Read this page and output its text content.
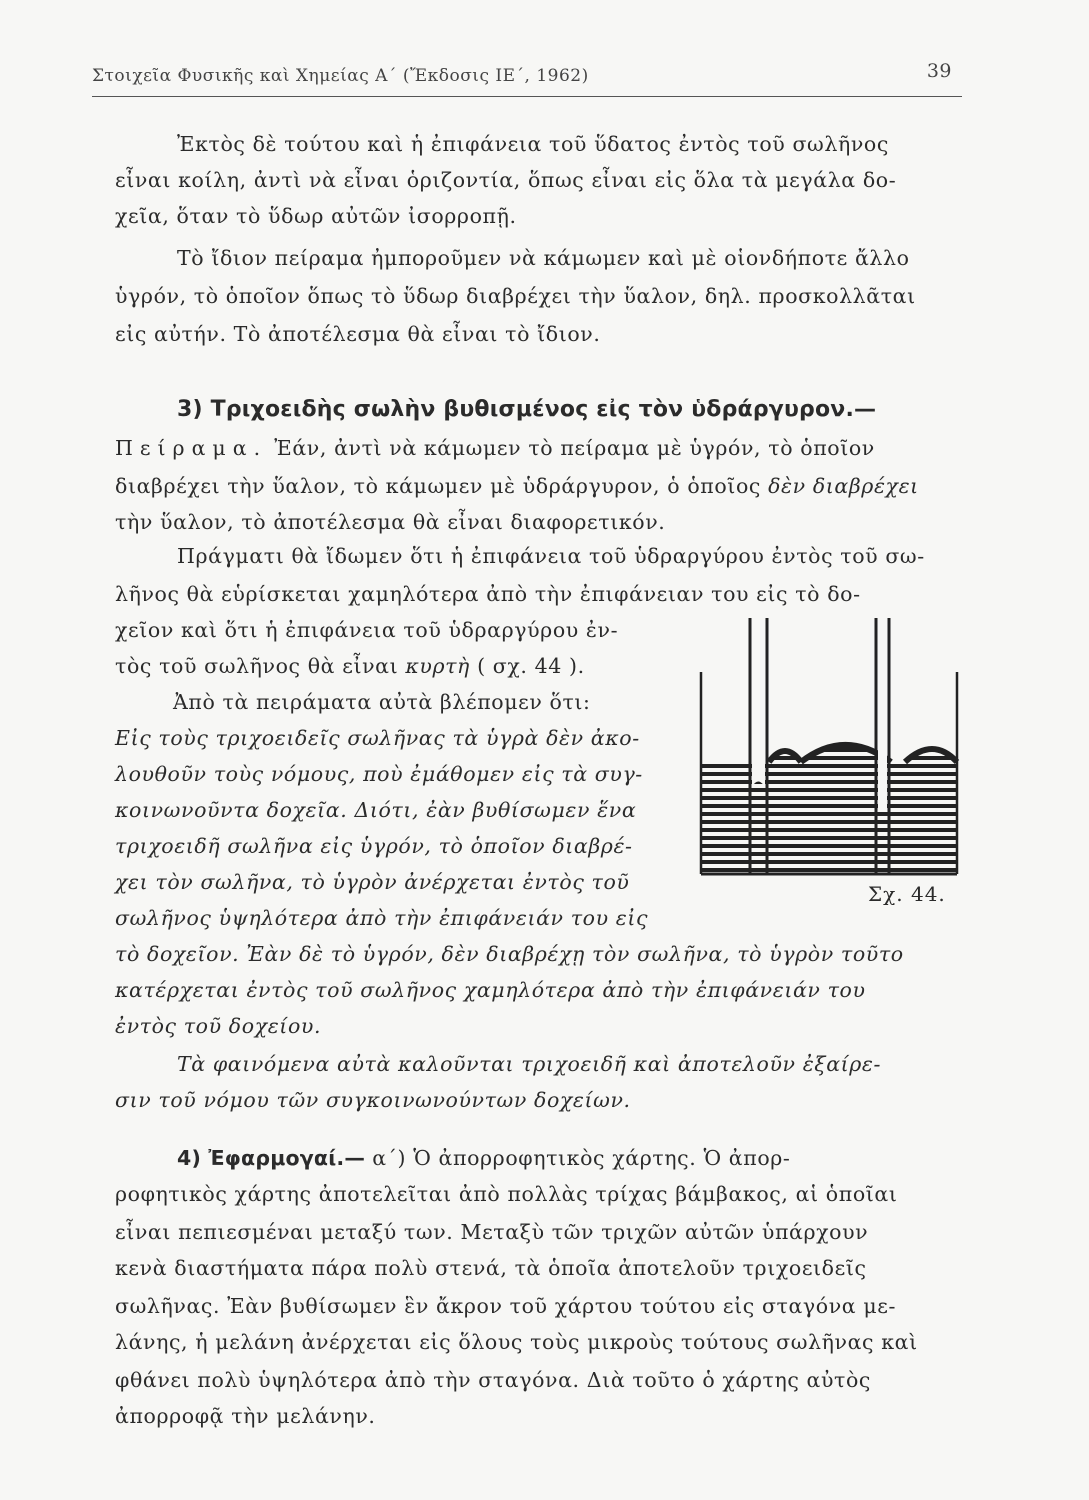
Στοιχεῖα Φυσικῆς καὶ Χημείας Α΄ (Ἔκδοσις ΙΕ΄, 1962)	39
Ἐκτὸς δὲ τούτου καὶ ἡ ἐπιφάνεια τοῦ ὕδατος ἐντὸς τοῦ σωλῆνος
εἶναι κοίλη, ἀντὶ νὰ εἶναι ὁριζοντία, ὅπως εἶναι εἰς ὅλα τὰ μεγάλα δο-
χεῖα, ὅταν τὸ ὕδωρ αὐτῶν ἰσορροπῇ.
Τὸ ἴδιον πείραμα ἠμποροῦμεν νὰ κάμωμεν καὶ μὲ οἱονδήποτε ἄλλο
ὑγρόν, τὸ ὁποῖον ὅπως τὸ ὕδωρ διαβρέχει τὴν ὕαλον, δηλ. προσκολλᾶται
εἰς αὐτήν. Τὸ ἀποτέλεσμα θὰ εἶναι τὸ ἴδιον.
3) Τριχοειδὴς σωλὴν βυθισμένος εἰς τὸν ὑδράργυρον.—
Πείραμα. Ἐάν, ἀντὶ νὰ κάμωμεν τὸ πείραμα μὲ ὑγρόν, τὸ ὁποῖον
διαβρέχει τὴν ὕαλον, τὸ κάμωμεν μὲ ὑδράργυρον, ὁ ὁποῖος δὲν διαβρέχει
τὴν ὕαλον, τὸ ἀποτέλεσμα θὰ εἶναι διαφορετικόν.
Πράγματι θὰ ἴδωμεν ὅτι ἡ ἐπιφάνεια τοῦ ὑδραργύρου ἐντὸς τοῦ σω-
λῆνος θὰ εὑρίσκεται χαμηλότερα ἀπὸ τὴν ἐπιφάνειαν του εἰς τὸ δο-
χεῖον καὶ ὅτι ἡ ἐπιφάνεια τοῦ ὑδραργύρου ἐν-
τὸς τοῦ σωλῆνος θὰ εἶναι κυρτὴ ( σχ. 44 ).
Ἀπὸ τὰ πειράματα αὐτὰ βλέπομεν ὅτι:
Εἰς τοὺς τριχοειδεῖς σωλῆνας τὰ ὑγρὰ δὲν ἀκο-
λουθοῦν τοὺς νόμους, ποὺ ἐμάθομεν εἰς τὰ συγ-
κοινωνοῦντα δοχεῖα. Διότι, ἐὰν βυθίσωμεν ἕνα
τριχοειδῆ σωλῆνα εἰς ὑγρόν, τὸ ὁποῖον διαβρέ-
χει τὸν σωλῆνα, τὸ ὑγρὸν ἀνέρχεται ἐντὸς τοῦ
σωλῆνος ὑψηλότερα ἀπὸ τὴν ἐπιφάνειάν του εἰς
τὸ δοχεῖον. Ἐὰν δὲ τὸ ὑγρόν, δὲν διαβρέχῃ τὸν σωλῆνα, τὸ ὑγρὸν τοῦτο
κατέρχεται ἐντὸς τοῦ σωλῆνος χαμηλότερα ἀπὸ τὴν ἐπιφάνειάν του
ἐντὸς τοῦ δοχείου.
Τὰ φαινόμενα αὐτὰ καλοῦνται τριχοειδῆ καὶ ἀποτελοῦν ἐξαίρε-
σιν τοῦ νόμου τῶν συγκοινωνούντων δοχείων.
4) Ἐφαρμογαί.— α΄) Ὁ ἀπορροφητικὸς χάρτης. Ὁ ἀπορ-
ροφητικὸς χάρτης ἀποτελεῖται ἀπὸ πολλὰς τρίχας βάμβακος, αἱ ὁποῖαι
εἶναι πεπιεσμέναι μεταξύ των. Μεταξὺ τῶν τριχῶν αὐτῶν ὑπάρχουν
κενὰ διαστήματα πάρα πολὺ στενά, τὰ ὁποῖα ἀποτελοῦν τριχοειδεῖς
σωλῆνας. Ἐὰν βυθίσωμεν ἓν ἄκρον τοῦ χάρτου τούτου εἰς σταγόνα με-
λάνης, ἡ μελάνη ἀνέρχεται εἰς ὅλους τοὺς μικροὺς τούτους σωλῆνας καὶ
φθάνει πολὺ ὑψηλότερα ἀπὸ τὴν σταγόνα. Διὰ τοῦτο ὁ χάρτης αὐτὸς
ἀπορροφᾷ τὴν μελάνην.
Σχ. 44.
